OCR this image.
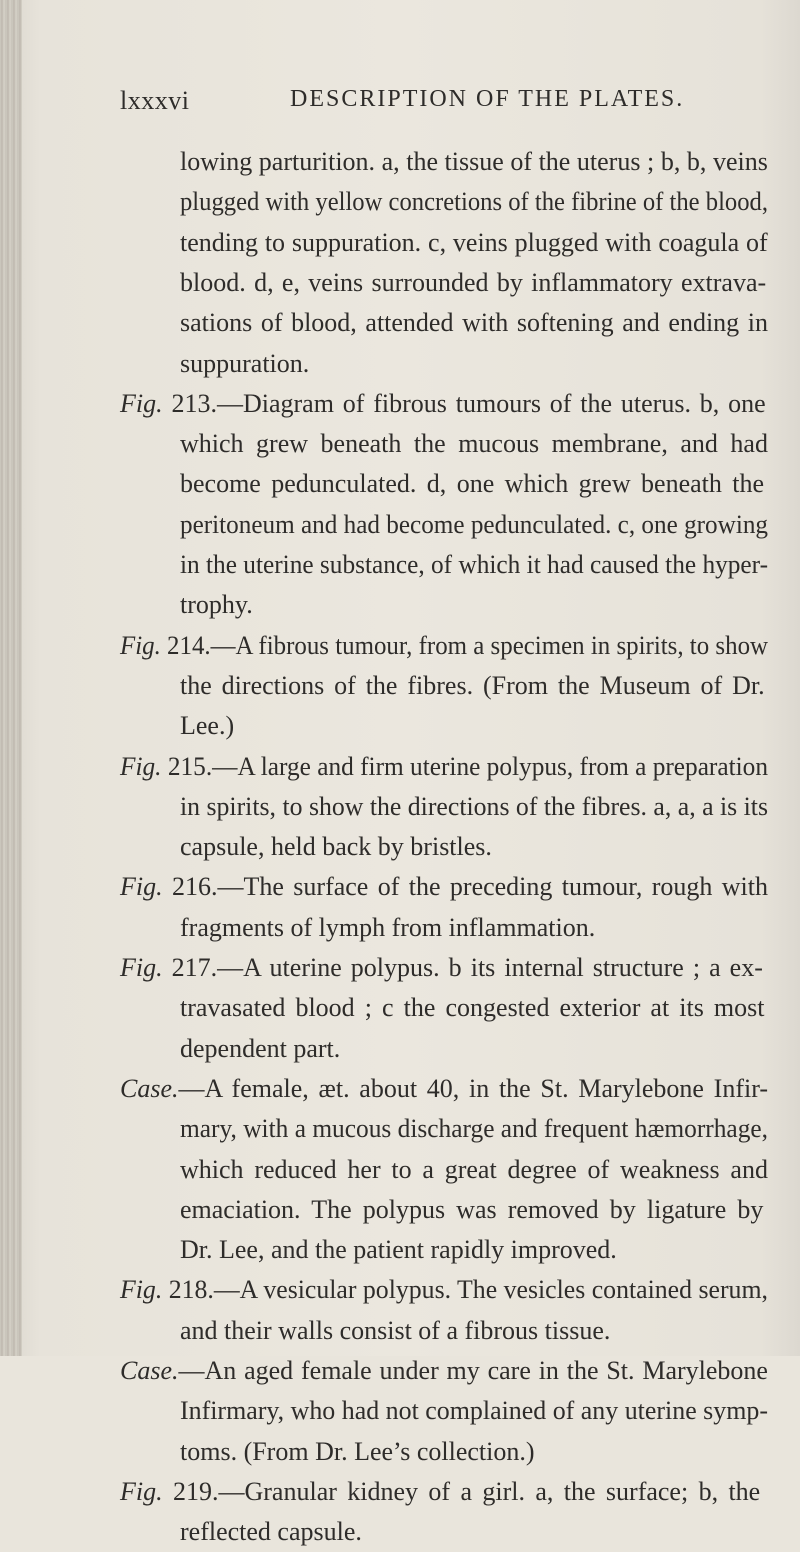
lxxxvi	DESCRIPTION OF THE PLATES.
lowing parturition. a, the tissue of the uterus ; b, b, veins
plugged with yellow concretions of the fibrine of the blood,
tending to suppuration. c, veins plugged with coagula of
blood. d, e, veins surrounded by inflammatory extrava-
sations of blood, attended with softening and ending in
suppuration.
Fig. 213.—Diagram of fibrous tumours of the uterus. b, one
which grew beneath the mucous membrane, and had
become pedunculated. d, one which grew beneath the
peritoneum and had become pedunculated. c, one growing
in the uterine substance, of which it had caused the hyper-
trophy.
Fig. 214.—A fibrous tumour, from a specimen in spirits, to show
the directions of the fibres. (From the Museum of Dr.
Lee.)
Fig. 215.—A large and firm uterine polypus, from a preparation
in spirits, to show the directions of the fibres. a, a, a is its
capsule, held back by bristles.
Fig. 216.—The surface of the preceding tumour, rough with
fragments of lymph from inflammation.
Fig. 217.—A uterine polypus. b its internal structure ; a ex-
travasated blood ; c the congested exterior at its most
dependent part.
Case.—A female, æt. about 40, in the St. Marylebone Infir-
mary, with a mucous discharge and frequent hæmorrhage,
which reduced her to a great degree of weakness and
emaciation. The polypus was removed by ligature by
Dr. Lee, and the patient rapidly improved.
Fig. 218.—A vesicular polypus. The vesicles contained serum,
and their walls consist of a fibrous tissue.
Case.—An aged female under my care in the St. Marylebone
Infirmary, who had not complained of any uterine symp-
toms. (From Dr. Lee’s collection.)
Fig. 219.—Granular kidney of a girl. a, the surface; b, the
reflected capsule.
